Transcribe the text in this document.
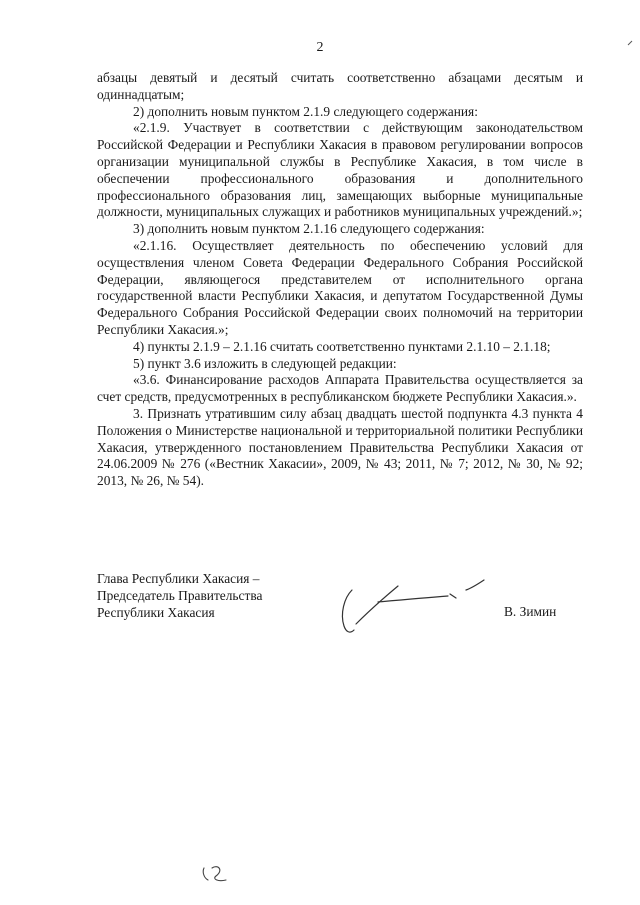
2

абзацы девятый и десятый считать соответственно абзацами десятым и одиннадцатым;

2) дополнить новым пунктом 2.1.9 следующего содержания:

«2.1.9. Участвует в соответствии с действующим законодательством Российской Федерации и Республики Хакасия в правовом регулировании вопросов организации муниципальной службы в Республике Хакасия, в том числе в обеспечении профессионального образования и дополнительного профессионального образования лиц, замещающих выборные муниципальные должности, муниципальных служащих и работников муниципальных учреждений.»;

3) дополнить новым пунктом 2.1.16 следующего содержания:

«2.1.16. Осуществляет деятельность по обеспечению условий для осуществления членом Совета Федерации Федерального Собрания Российской Федерации, являющегося представителем от исполнительного органа государственной власти Республики Хакасия, и депутатом Государственной Думы Федерального Собрания Российской Федерации своих полномочий на территории Республики Хакасия.»;

4) пункты 2.1.9 – 2.1.16 считать соответственно пунктами 2.1.10 – 2.1.18;

5) пункт 3.6 изложить в следующей редакции:

«3.6. Финансирование расходов Аппарата Правительства осуществляется за счет средств, предусмотренных в республиканском бюджете Республики Хакасия.».

3. Признать утратившим силу абзац двадцать шестой подпункта 4.3 пункта 4 Положения о Министерстве национальной и территориальной политики Республики Хакасия, утвержденного постановлением Правительства Республики Хакасия от 24.06.2009 № 276 («Вестник Хакасии», 2009, № 43; 2011, № 7; 2012, № 30, № 92; 2013, № 26, № 54).

Глава Республики Хакасия –
Председатель Правительства
Республики Хакасия	В. Зимин
